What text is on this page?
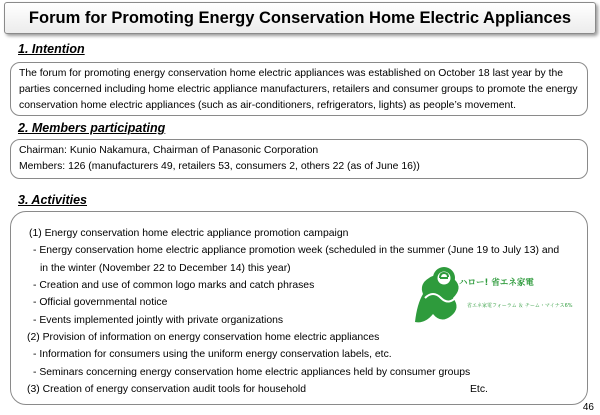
Forum for Promoting Energy Conservation Home Electric Appliances
1. Intention
The forum for promoting energy conservation home electric appliances was established on October 18 last year by the parties concerned including home electric appliance manufacturers, retailers and consumer groups to promote the energy conservation home electric appliances (such as air-conditioners, refrigerators, lights) as people’s movement.
2. Members participating
Chairman: Kunio Nakamura, Chairman of Panasonic Corporation
Members: 126 (manufacturers 49, retailers 53, consumers 2, others 22 (as of June 16))
3. Activities
(1) Energy conservation home electric appliance promotion campaign
- Energy conservation home electric appliance promotion week (scheduled in the summer (June 19 to July 13) and
in the winter (November 22 to December 14) this year)
- Creation and use of common logo marks and catch phrases
- Official governmental notice
- Events implemented jointly with private organizations
(2) Provision of information on energy conservation home electric appliances
- Information for consumers using the uniform energy conservation labels, etc.
- Seminars concerning energy conservation home electric appliances held by consumer groups
(3) Creation of energy conservation audit tools for household	Etc.
ハロー! 省エネ家電
省エネ家電フォーラム ＆ チーム・マイナス6%
46
